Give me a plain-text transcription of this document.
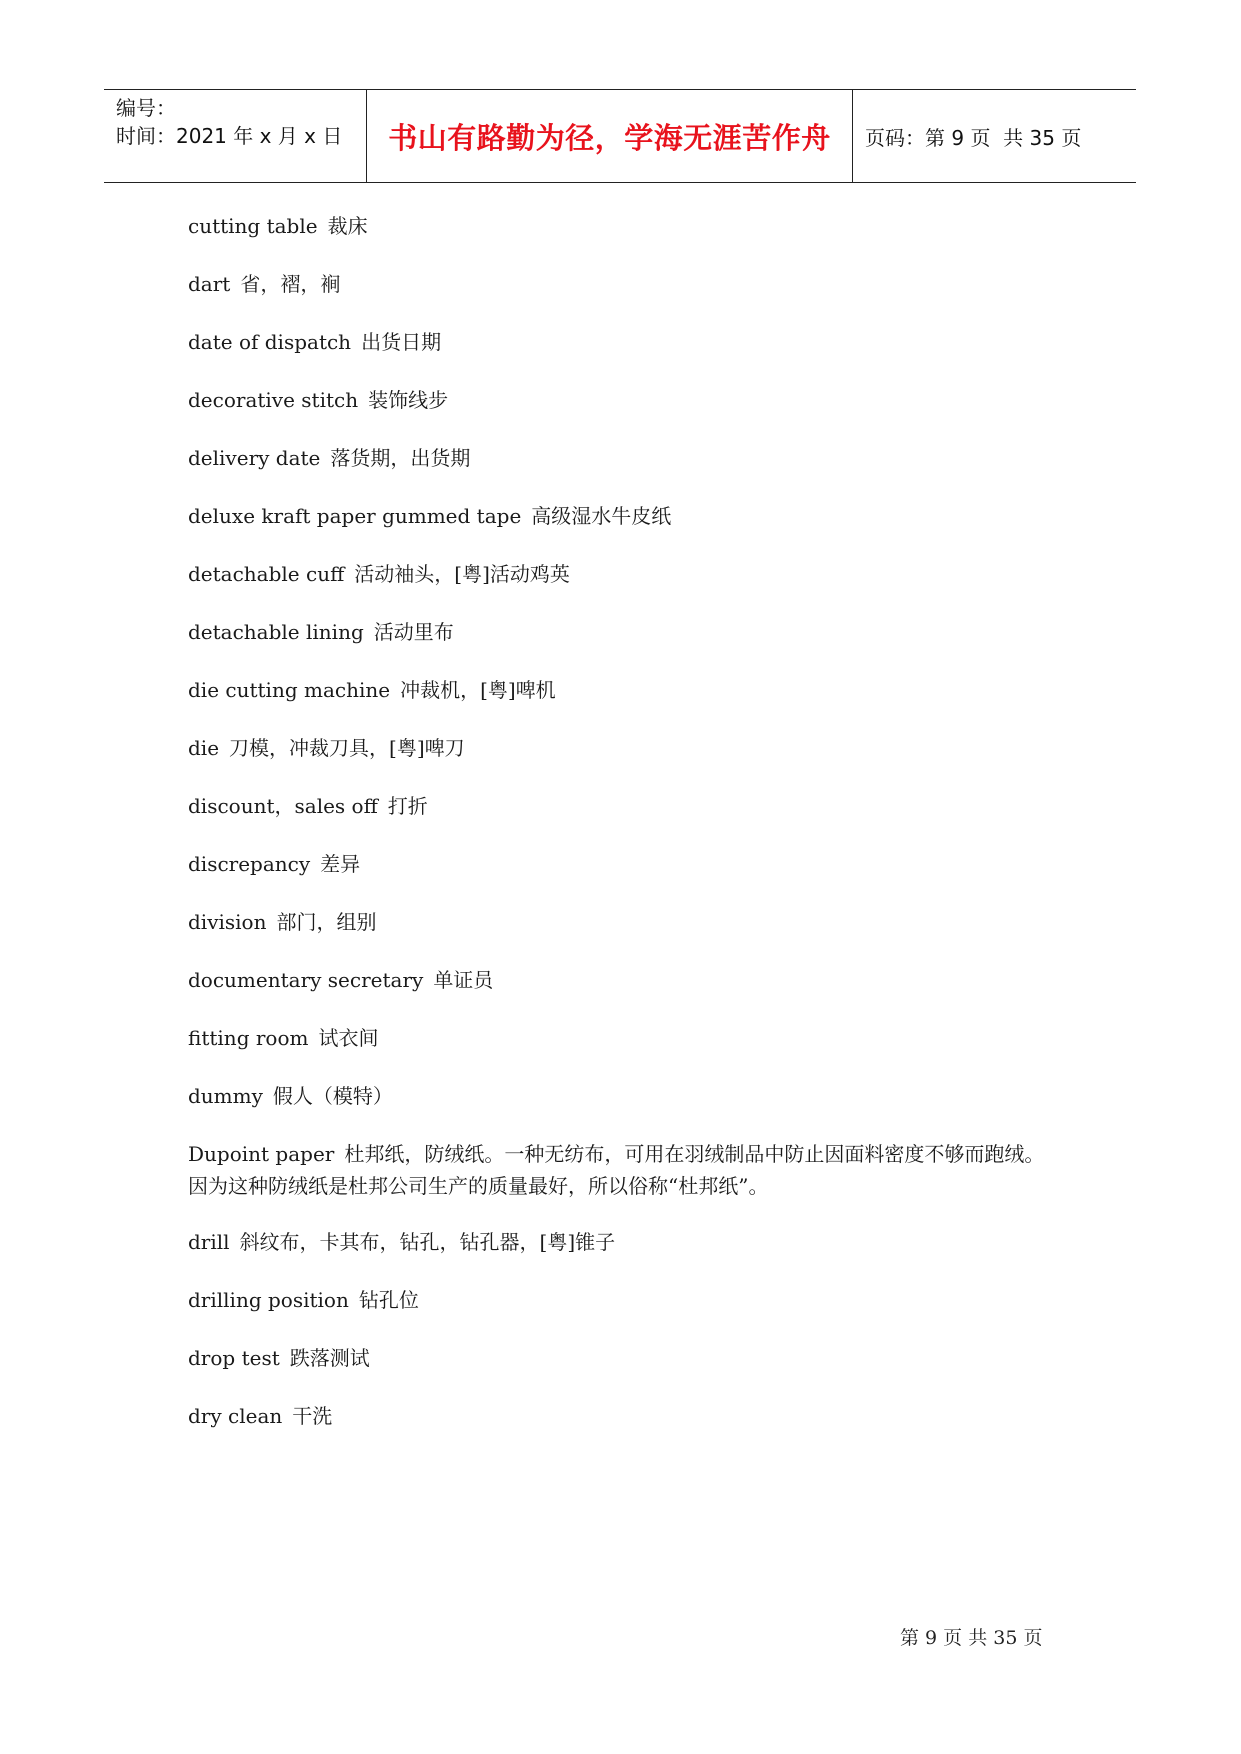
编号：
时间：2021 年 x 月 x 日	书山有路勤为径，学海无涯苦作舟	页码：第 9 页  共 35 页

cutting table 裁床

dart 省，褶，裥

date of dispatch 出货日期

decorative stitch 装饰线步

delivery date 落货期，出货期

deluxe kraft paper gummed tape 高级湿水牛皮纸

detachable cuff 活动袖头，[粤]活动鸡英

detachable lining 活动里布

die cutting machine 冲裁机，[粤]啤机

die 刀模，冲裁刀具，[粤]啤刀

discount，sales off 打折

discrepancy 差异

division 部门，组别

documentary secretary 单证员

fitting room 试衣间

dummy 假人（模特）

Dupoint paper 杜邦纸，防绒纸。一种无纺布，可用在羽绒制品中防止因面料密度不够而跑绒。因为这种防绒纸是杜邦公司生产的质量最好，所以俗称“杜邦纸”。

drill 斜纹布，卡其布，钻孔，钻孔器，[粤]锥子

drilling position 钻孔位

drop test 跌落测试

dry clean 干洗

第 9 页 共 35 页
